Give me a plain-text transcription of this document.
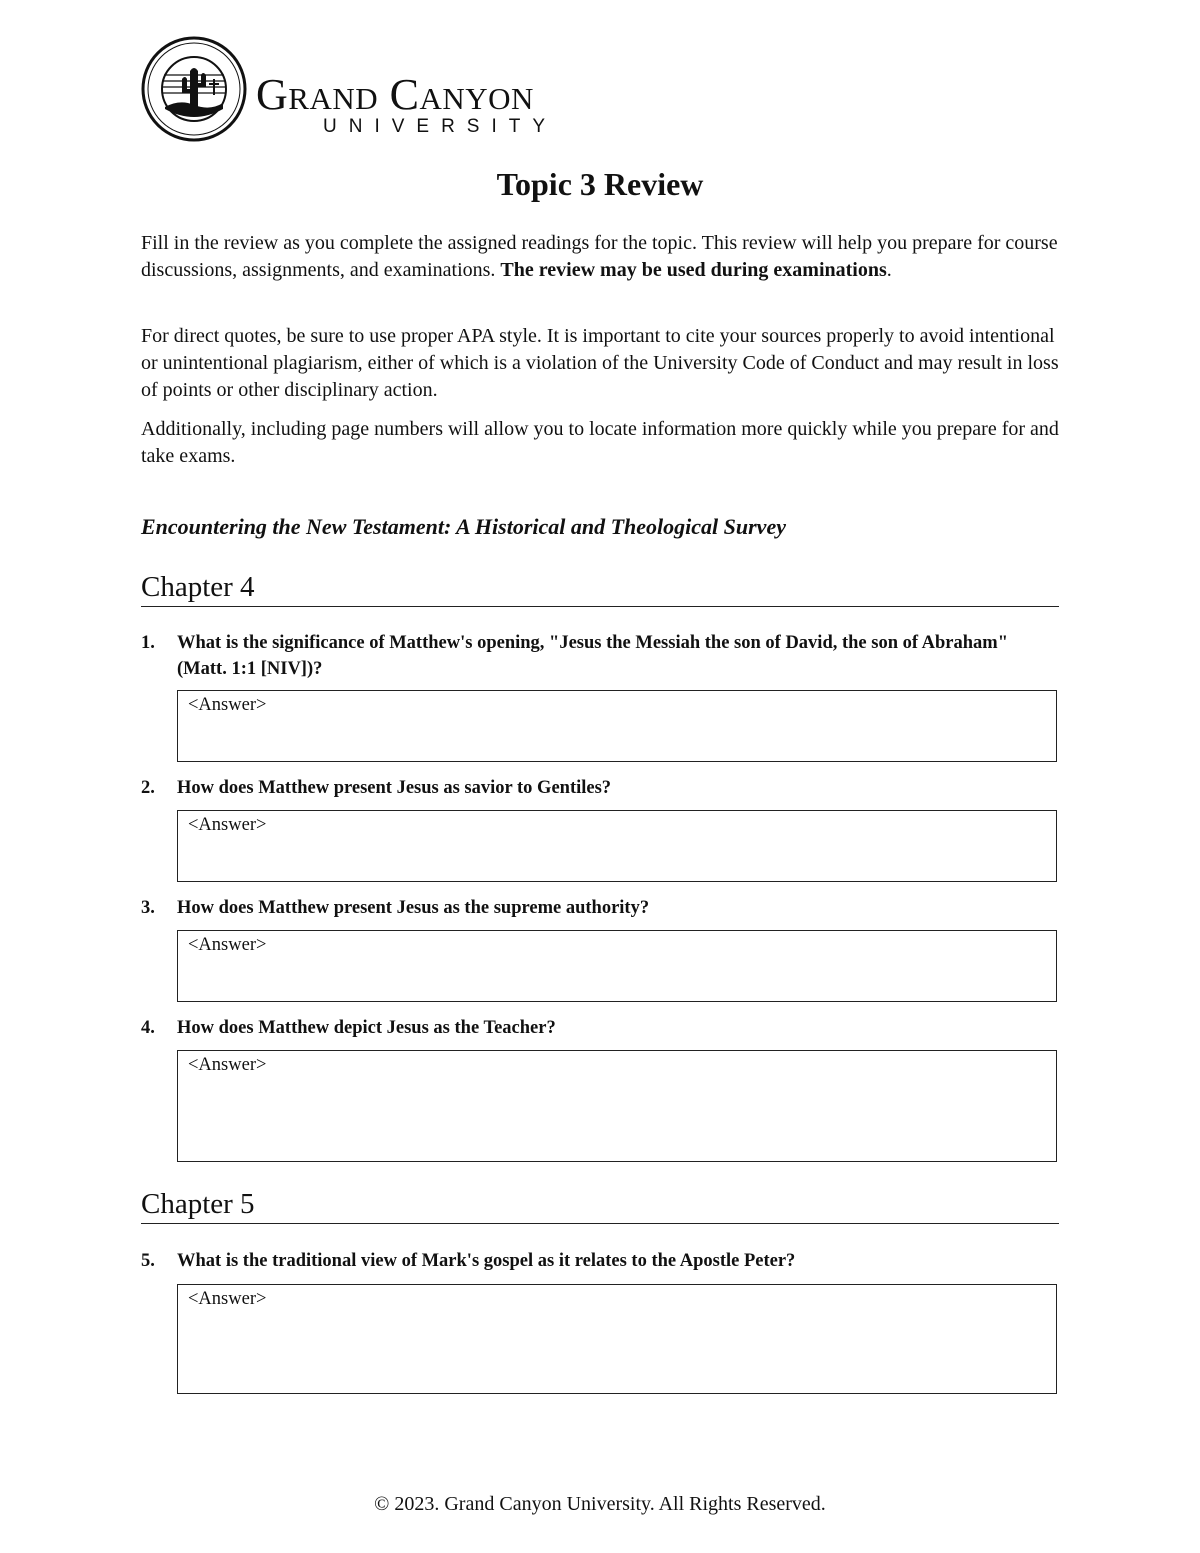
Grand Canyon
UNIVERSITY
Topic 3 Review

Fill in the review as you complete the assigned readings for the topic. This review will help you prepare for course discussions, assignments, and examinations. The review may be used during examinations.

For direct quotes, be sure to use proper APA style. It is important to cite your sources properly to avoid intentional or unintentional plagiarism, either of which is a violation of the University Code of Conduct and may result in loss of points or other disciplinary action.

Additionally, including page numbers will allow you to locate information more quickly while you prepare for and take exams.

Encountering the New Testament: A Historical and Theological Survey
Chapter 4
1. What is the significance of Matthew's opening, "Jesus the Messiah the son of David, the son of Abraham" (Matt. 1:1 [NIV])?
<Answer>
2. How does Matthew present Jesus as savior to Gentiles?
<Answer>
3. How does Matthew present Jesus as the supreme authority?
<Answer>
4. How does Matthew depict Jesus as the Teacher?
<Answer>
Chapter 5
5. What is the traditional view of Mark's gospel as it relates to the Apostle Peter?
<Answer>
© 2023. Grand Canyon University. All Rights Reserved.
